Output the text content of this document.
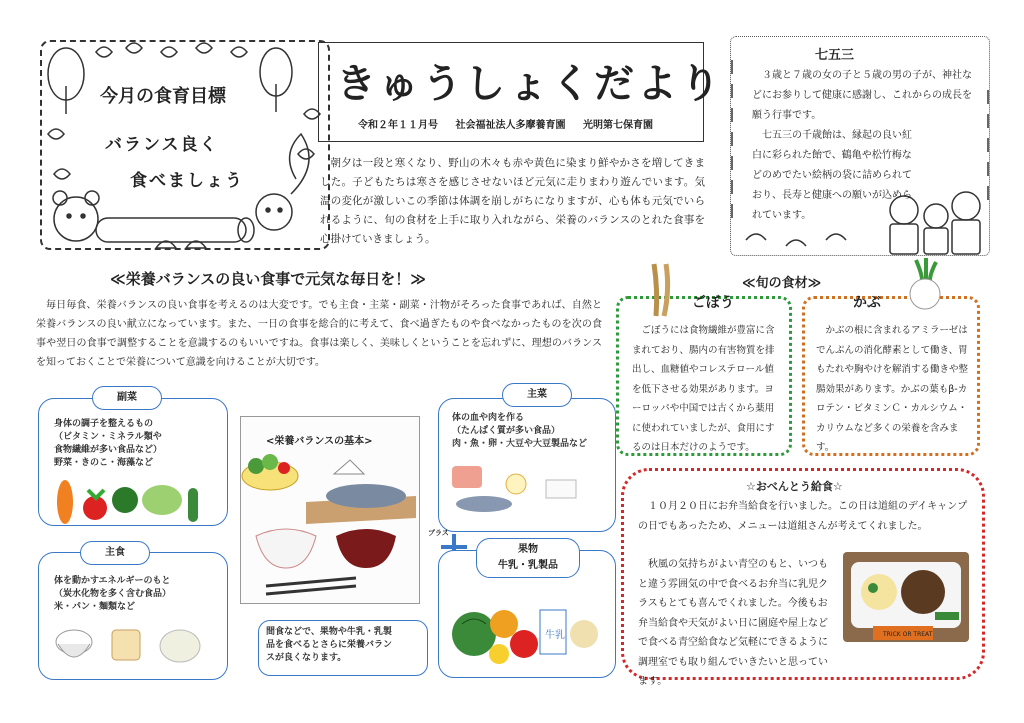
今月の食育目標
バランス良く
食べましょう
きゅうしょくだより
令和２年１１月号 社会福祉法人多摩養育園 光明第七保育園
朝夕は一段と寒くなり、野山の木々も赤や黄色に染まり鮮やかさを増してきました。子どもたちは寒さを感じさせないほど元気に走りまわり遊んでいます。気温の変化が激しいこの季節は体調を崩しがちになりますが、心も体も元気でいられるように、旬の食材を上手に取り入れながら、栄養のバランスのとれた食事を心掛けていきましょう。
七五三
３歳と７歳の女の子と５歳の男の子が、神社などにお参りして健康に感謝し、これからの成長を願う行事です。
七五三の千歳飴は、縁起の良い紅白に彩られた飴で、鶴亀や松竹梅などのめでたい絵柄の袋に詰められており、長寿と健康への願いが込められています。
≪栄養バランスの良い食事で元気な毎日を！≫
毎日毎食、栄養バランスの良い食事を考えるのは大変です。でも主食・主菜・副菜・汁物がそろった食事であれば、自然と栄養バランスの良い献立になっています。また、一日の食事を総合的に考えて、食べ過ぎたものや食べなかったものを次の食事や翌日の食事で調整することを意識するのもいいですね。食事は楽しく、美味しくということを忘れずに、理想のバランスを知っておくことで栄養について意識を向けることが大切です。
副菜
身体の調子を整えるもの
（ビタミン・ミネラル類や
食物繊維が多い食品など）
野菜・きのこ・海藻など
主食
体を動かすエネルギーのもと
（炭水化物を多く含む食品）
米・パン・麺類など
<栄養バランスの基本>
主菜
体の血や肉を作る
（たんぱく質が多い食品）
肉・魚・卵・大豆や大豆製品など
プラス
果物
牛乳・乳製品
牛乳
間食などで、果物や牛乳・乳製
品を食べるとさらに栄養バラン
スが良くなります。
≪旬の食材≫
ごぼう	かぶ
ごぼうには食物繊維が豊富に含まれており、腸内の有害物質を排出し、血糖値やコレステロール値を低下させる効果があります。ヨーロッパや中国では古くから薬用に使われていましたが、食用にするのは日本だけのようです。
かぶの根に含まれるアミラーゼはでんぷんの消化酵素として働き、胃もたれや胸やけを解消する働きや整腸効果があります。かぶの葉もβ-カロテン・ビタミンＣ・カルシウム・カリウムなど多くの栄養を含みます。
☆おべんとう給食☆
１０月２０日にお弁当給食を行いました。この日は道組のデイキャンプの日でもあったため、メニューは道組さんが考えてくれました。
秋風の気持ちがよい青空のもと、いつもと違う雰囲気の中で食べるお弁当に乳児クラスもとても喜んでくれました。今後もお弁当給食や天気がよい日に園庭や屋上などで食べる青空給食など気軽にできるように調理室でも取り組んでいきたいと思っています。
TRICK OR TREAT
